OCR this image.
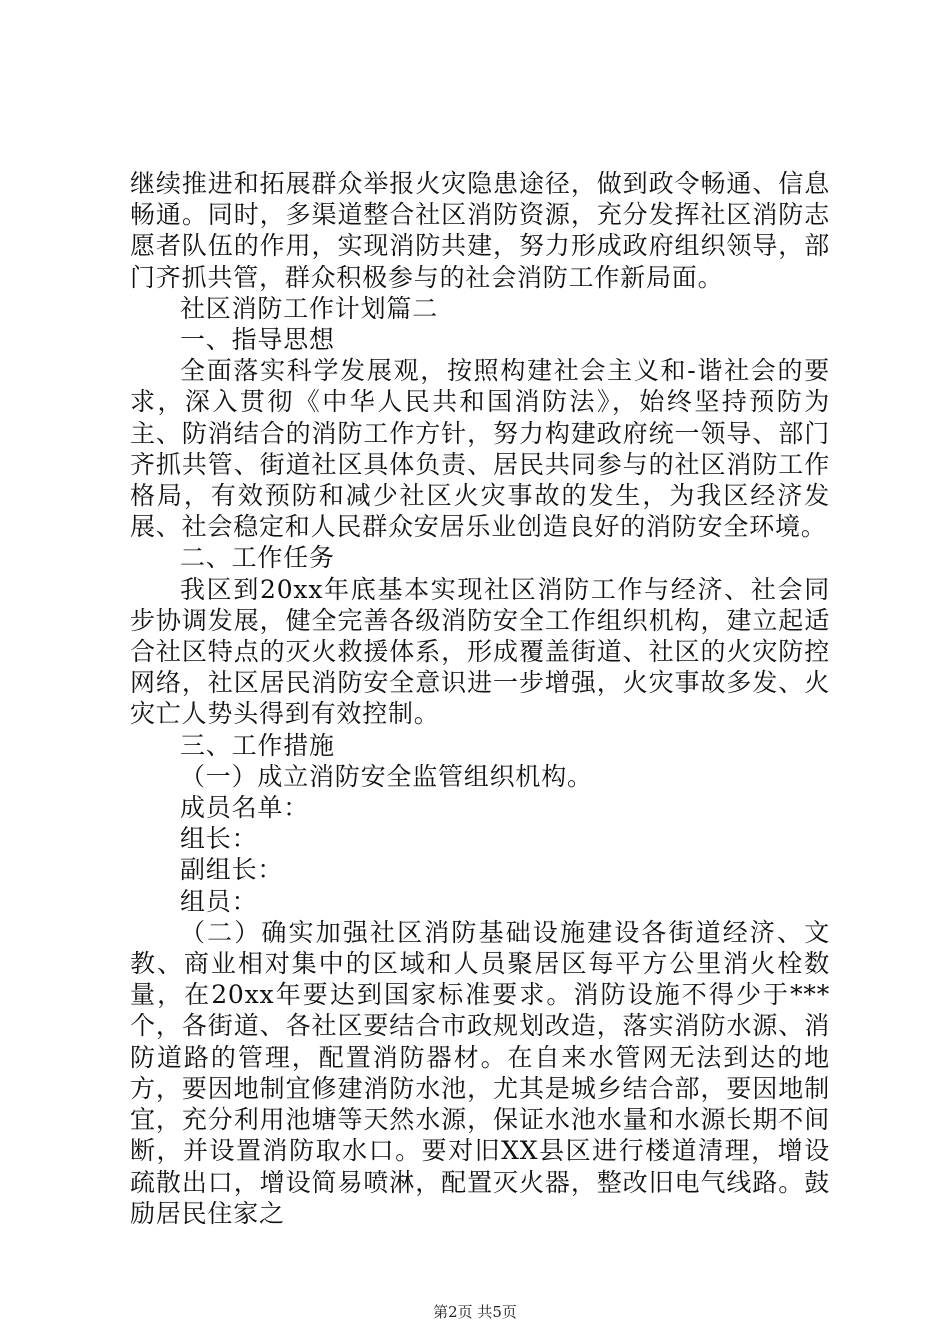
继续推进和拓展群众举报火灾隐患途径，做到政令畅通、信息畅通。同时，多渠道整合社区消防资源，充分发挥社区消防志愿者队伍的作用，实现消防共建，努力形成政府组织领导，部门齐抓共管，群众积极参与的社会消防工作新局面。

社区消防工作计划篇二

一、指导思想

全面落实科学发展观，按照构建社会主义和-谐社会的要求，深入贯彻《中华人民共和国消防法》，始终坚持预防为主、防消结合的消防工作方针，努力构建政府统一领导、部门齐抓共管、街道社区具体负责、居民共同参与的社区消防工作格局，有效预防和减少社区火灾事故的发生，为我区经济发展、社会稳定和人民群众安居乐业创造良好的消防安全环境。

二、工作任务

我区到20xx年底基本实现社区消防工作与经济、社会同步协调发展，健全完善各级消防安全工作组织机构，建立起适合社区特点的灭火救援体系，形成覆盖街道、社区的火灾防控网络，社区居民消防安全意识进一步增强，火灾事故多发、火灾亡人势头得到有效控制。

三、工作措施

（一）成立消防安全监管组织机构。

成员名单：

组长：

副组长：

组员：

（二）确实加强社区消防基础设施建设各街道经济、文教、商业相对集中的区域和人员聚居区每平方公里消火栓数量，在20xx年要达到国家标准要求。消防设施不得少于***个，各街道、各社区要结合市政规划改造，落实消防水源、消防道路的管理，配置消防器材。在自来水管网无法到达的地方，要因地制宜修建消防水池，尤其是城乡结合部，要因地制宜，充分利用池塘等天然水源，保证水池水量和水源长期不间断，并设置消防取水口。要对旧XX县区进行楼道清理，增设疏散出口，增设简易喷淋，配置灭火器，整改旧电气线路。鼓励居民住家之

第2页 共5页
